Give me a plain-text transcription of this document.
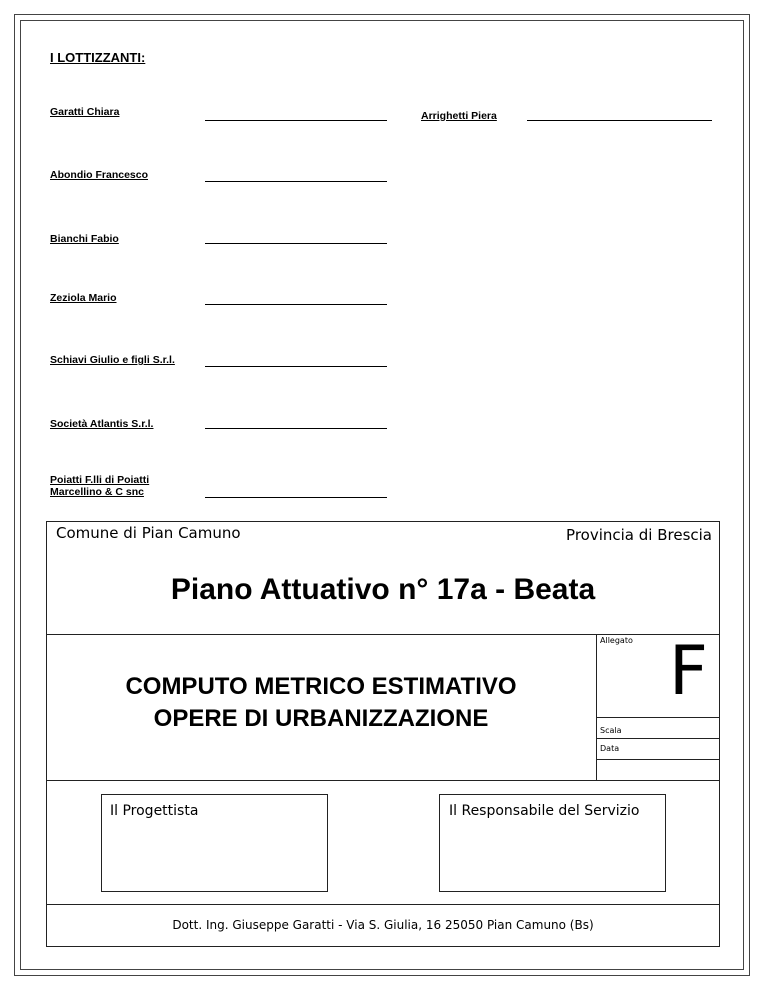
I LOTTIZZANTI:
Garatti Chiara	Arrighetti Piera
Abondio Francesco
Bianchi Fabio
Zeziola Mario
Schiavi Giulio e figli S.r.l.
Società Atlantis S.r.l.
Poiatti F.lli di Poiatti
Marcellino & C snc
Comune di Pian Camuno	Provincia di Brescia
Piano Attuativo n° 17a - Beata
COMPUTO METRICO ESTIMATIVO
OPERE DI URBANIZZAZIONE
Allegato F
Scala
Data
Il Progettista	Il Responsabile del Servizio
Dott. Ing. Giuseppe Garatti - Via S. Giulia, 16 25050 Pian Camuno (Bs)
